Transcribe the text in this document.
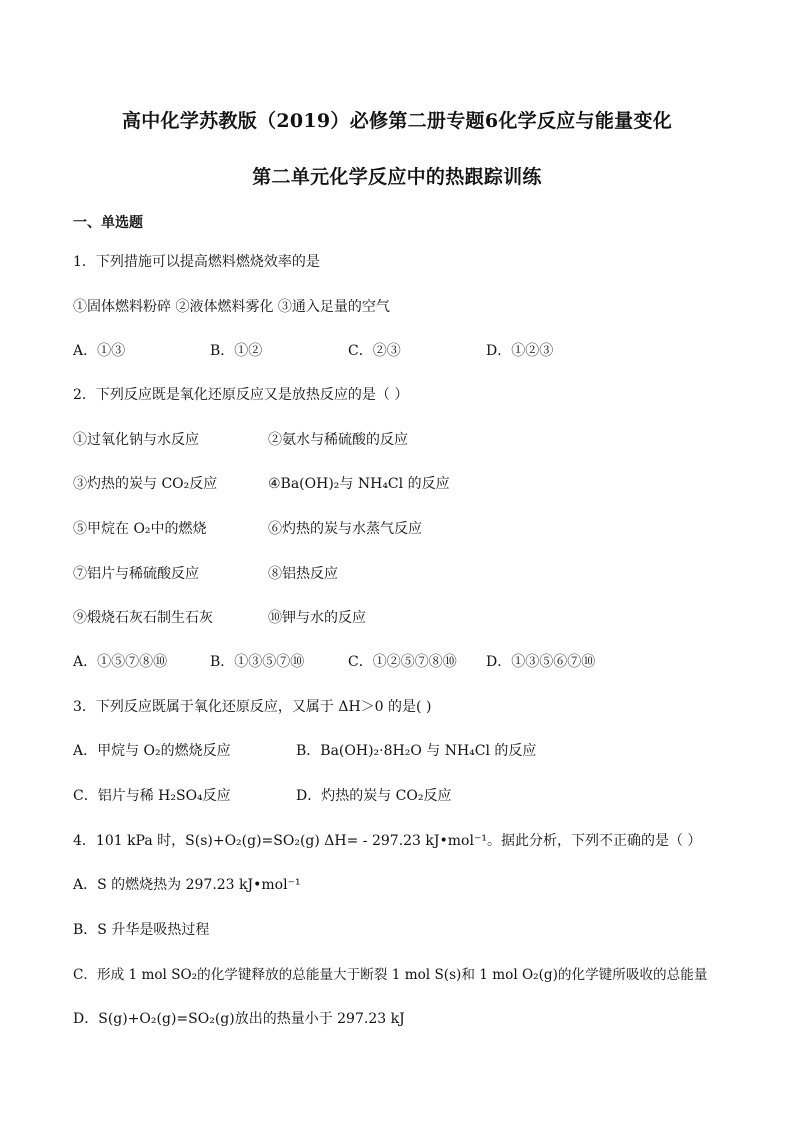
高中化学苏教版（2019）必修第二册专题6化学反应与能量变化
第二单元化学反应中的热跟踪训练
一、单选题
1．下列措施可以提高燃料燃烧效率的是
①固体燃料粉碎 ②液体燃料雾化 ③通入足量的空气
A．①③	B．①②	C．②③	D．①②③
2．下列反应既是氧化还原反应又是放热反应的是（ ）
①过氧化钠与水反应	②氨水与稀硫酸的反应
③灼热的炭与 CO₂反应	④Ba(OH)₂与 NH₄Cl 的反应
⑤甲烷在 O₂中的燃烧	⑥灼热的炭与水蒸气反应
⑦铝片与稀硫酸反应	⑧铝热反应
⑨煅烧石灰石制生石灰	⑩钾与水的反应
A．①⑤⑦⑧⑩	B．①③⑤⑦⑩	C．①②⑤⑦⑧⑩ D．①③⑤⑥⑦⑩
3．下列反应既属于氧化还原反应，又属于 ΔH＞0 的是( )
A．甲烷与 O₂的燃烧反应	B．Ba(OH)₂·8H₂O 与 NH₄Cl 的反应
C．铝片与稀 H₂SO₄反应	D．灼热的炭与 CO₂反应
4．101 kPa 时，S(s)+O₂(g)=SO₂(g) ΔH= - 297.23 kJ•mol⁻¹。据此分析，下列不正确的是（ ）
A．S 的燃烧热为 297.23 kJ•mol⁻¹
B．S 升华是吸热过程
C．形成 1 mol SO₂的化学键释放的总能量大于断裂 1 mol S(s)和 1 mol O₂(g)的化学键所吸收的总能量
D．S(g)+O₂(g)=SO₂(g)放出的热量小于 297.23 kJ
